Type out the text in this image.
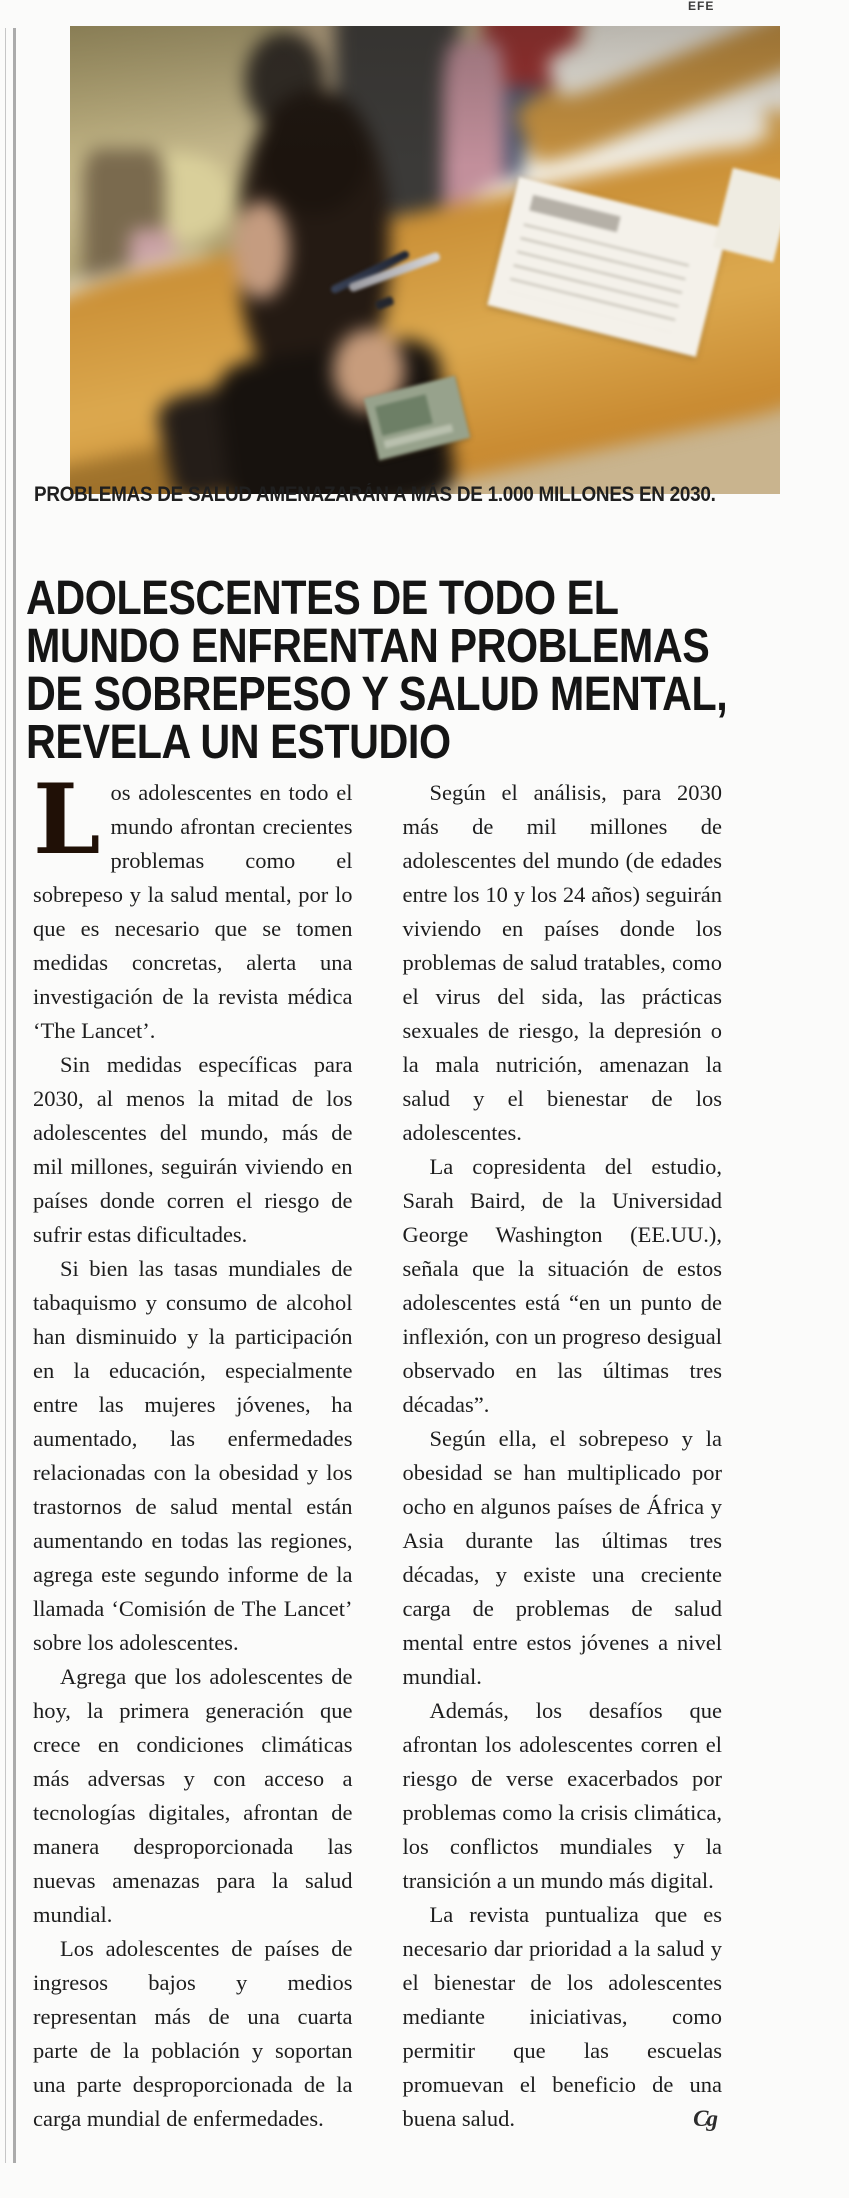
EFE
PROBLEMAS DE SALUD AMENAZARÁN A MÁS DE 1.000 MILLONES EN 2030.
ADOLESCENTES DE TODO EL MUNDO ENFRENTAN PROBLEMAS DE SOBREPESO Y SALUD MENTAL, REVELA UN ESTUDIO

Los adolescentes en todo el mundo afrontan crecientes problemas como el sobrepeso y la salud mental, por lo que es necesario que se tomen medidas concretas, alerta una investigación de la revista médica ‘The Lancet’.

Sin medidas específicas para 2030, al menos la mitad de los adolescentes del mundo, más de mil millones, seguirán viviendo en países donde corren el riesgo de sufrir estas dificultades.

Si bien las tasas mundiales de tabaquismo y consumo de alcohol han disminuido y la participación en la educación, especialmente entre las mujeres jóvenes, ha aumentado, las enfermedades relacionadas con la obesidad y los trastornos de salud mental están aumentando en todas las regiones, agrega este segundo informe de la llamada ‘Comisión de The Lancet’ sobre los adolescentes.

Agrega que los adolescentes de hoy, la primera generación que crece en condiciones climáticas más adversas y con acceso a tecnologías digitales, afrontan de manera desproporcionada las nuevas amenazas para la salud mundial.

Los adolescentes de países de ingresos bajos y medios representan más de una cuarta parte de la población y soportan una parte desproporcionada de la carga mundial de enfermedades.

Según el análisis, para 2030 más de mil millones de adolescentes del mundo (de edades entre los 10 y los 24 años) seguirán viviendo en países donde los problemas de salud tratables, como el virus del sida, las prácticas sexuales de riesgo, la depresión o la mala nutrición, amenazan la salud y el bienestar de los adolescentes.

La copresidenta del estudio, Sarah Baird, de la Universidad George Washington (EE.UU.), señala que la situación de estos adolescentes está “en un punto de inflexión, con un progreso desigual observado en las últimas tres décadas”.

Según ella, el sobrepeso y la obesidad se han multiplicado por ocho en algunos países de África y Asia durante las últimas tres décadas, y existe una creciente carga de problemas de salud mental entre estos jóvenes a nivel mundial.

Además, los desafíos que afrontan los adolescentes corren el riesgo de verse exacerbados por problemas como la crisis climática, los conflictos mundiales y la transición a un mundo más digital.

La revista puntualiza que es necesario dar prioridad a la salud y el bienestar de los adolescentes mediante iniciativas, como permitir que las escuelas promuevan el beneficio de una buena salud.	Cg
